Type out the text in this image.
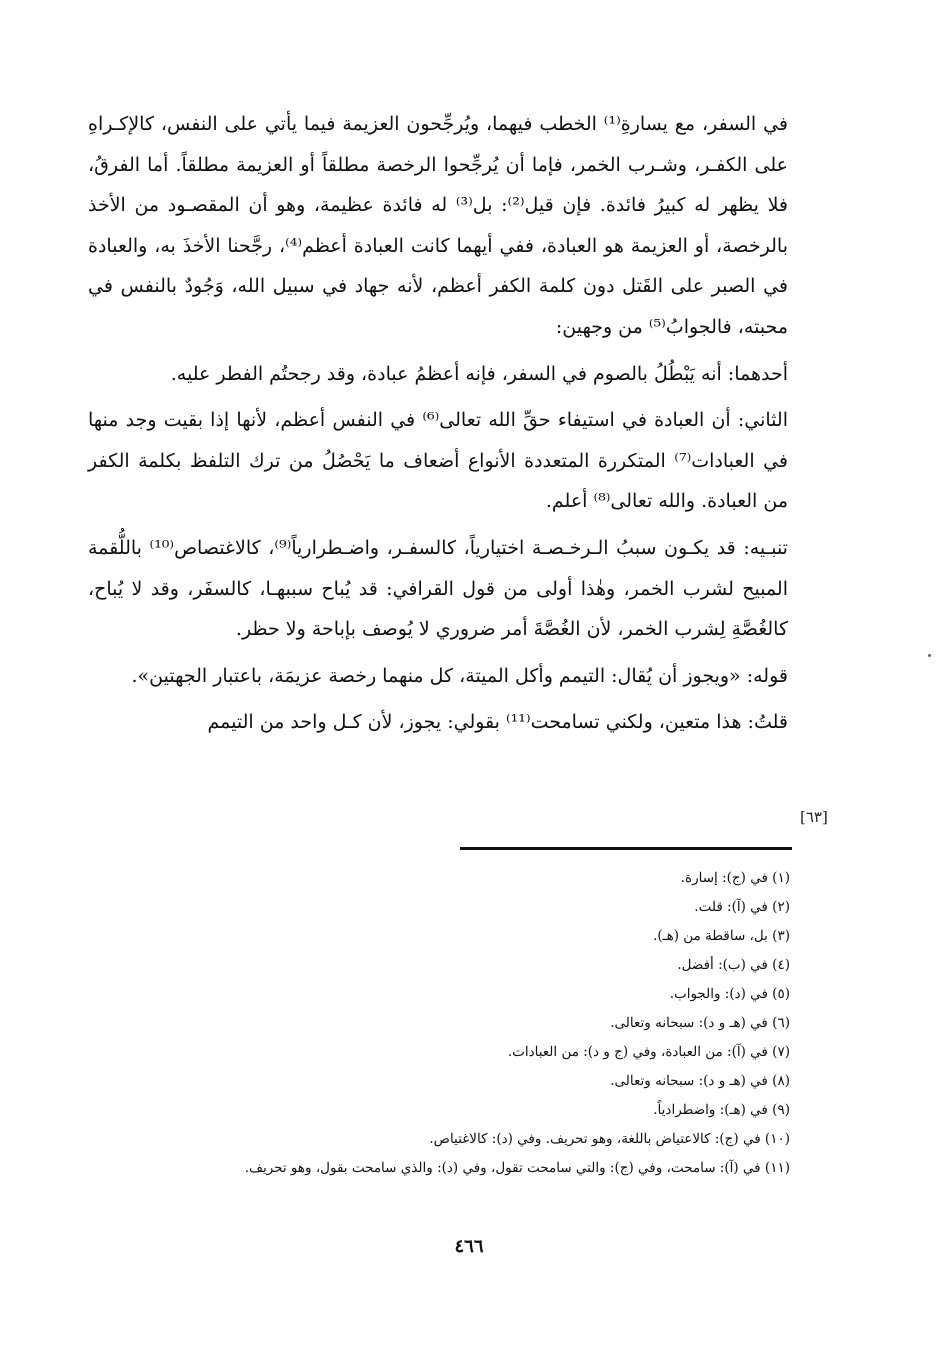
في السفر، مع يسارةِ⁽¹⁾ الخطب فيهما، ويُرجِّحون العزيمة فيما يأتي على النفس، كالإكـراهِ على الكفـر، وشـرب الخمر، فإما أن يُرجِّحوا الرخصة مطلقاً أو العزيمة مطلقاً. أما الفرقُ، فلا يظهر له كبيرُ فائدة. فإن قيل⁽²⁾: بل⁽³⁾ له فائدة عظيمة، وهو أن المقصـود من الأخذ بالرخصة، أو العزيمة هو العبادة، ففي أيهما كانت العبادة أعظم⁽⁴⁾، رجَّحنا الأخذَ به، والعبادة في الصبر على القَتل دون كلمة الكفر أعظم، لأنه جهاد في سبيل الله، وَجُودٌ بالنفس في محبته، فالجوابُ⁽⁵⁾ من وجهين:

أحدهما: أنه يَبْطُلُ بالصوم في السفر، فإنه أعظمُ عبادة، وقد رجحتُم الفطر عليه.

الثاني: أن العبادة في استيفاء حقِّ الله تعالى⁽⁶⁾ في النفس أعظم، لأنها إذا بقيت وجد منها في العبادات⁽⁷⁾ المتكررة المتعددة الأنواع أضعاف ما يَحْصُلُ من ترك التلفظ بكلمة الكفر من العبادة. والله تعالى⁽⁸⁾ أعلم.

تنبـيه: قد يكـون سببُ الـرخـصـة اختيارياً، كالسفـر، واضـطرارياً⁽⁹⁾، كالاغتصاص⁽¹⁰⁾ باللُّقمة المبيح لشرب الخمر، وهٰذا أولى من قول القرافي: قد يُباح سببهـا، كالسفَر، وقد لا يُباح، كالغُصَّةِ لِشرب الخمر، لأن الغُصَّةَ أمر ضروري لا يُوصف بإباحة ولا حظر.

قوله: «ويجوز أن يُقال: التيمم وأكل الميتة، كل منهما رخصة عزيمَة، باعتبار الجهتين».

قلتُ: هذا متعين، ولكني تسامحت⁽¹¹⁾ بقولي: يجوز، لأن كـل واحد من التيمم

[٦٣]
(١) في (ج): إسارة.
(٢) في (آ): قلت.
(٣) بل، ساقطة من (هـ).
(٤) في (ب): أفضل.
(٥) في (د): والجواب.
(٦) في (هـ و د): سبحانه وتعالى.
(٧) في (آ): من العبادة، وفي (ج و د): من العبادات.
(٨) في (هـ و د): سبحانه وتعالى.
(٩) في (هـ): واضطرادياً.
(١٠) في (ج): كالاعتياض باللغة، وهو تحريف. وفي (د): كالاغتياص.
(١١) في (آ): سامحت، وفي (ج): والتي سامحت تقول، وفي (د): والذي سامحت بقول، وهو تحريف.
٤٦٦
